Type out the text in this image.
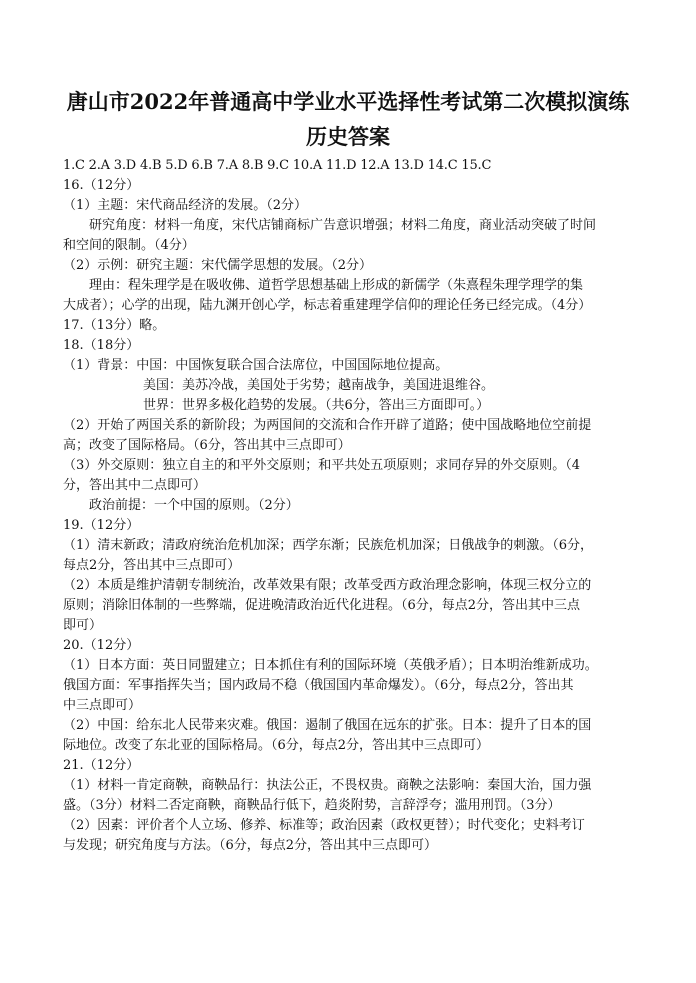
唐山市2022年普通高中学业水平选择性考试第二次模拟演练
历史答案
1.C 2.A 3.D 4.B 5.D 6.B 7.A 8.B 9.C 10.A 11.D 12.A 13.D 14.C 15.C
16.（12分）
（1）主题：宋代商品经济的发展。（2分）
研究角度：材料一角度，宋代店铺商标广告意识增强；材料二角度，商业活动突破了时间
和空间的限制。（4分）
（2）示例：研究主题：宋代儒学思想的发展。（2分）
理由：程朱理学是在吸收佛、道哲学思想基础上形成的新儒学（朱熹程朱理学理学的集
大成者）；心学的出现，陆九渊开创心学，标志着重建理学信仰的理论任务已经完成。（4分）
17.（13分）略。
18.（18分）
（1）背景：中国：中国恢复联合国合法席位，中国国际地位提高。
美国：美苏冷战，美国处于劣势；越南战争，美国进退维谷。
世界：世界多极化趋势的发展。（共6分，答出三方面即可。）
（2）开始了两国关系的新阶段；为两国间的交流和合作开辟了道路；使中国战略地位空前提
高；改变了国际格局。（6分，答出其中三点即可）
（3）外交原则：独立自主的和平外交原则；和平共处五项原则；求同存异的外交原则。（4
分，答出其中二点即可）
政治前提：一个中国的原则。（2分）
19.（12分）
（1）清末新政；清政府统治危机加深；西学东渐；民族危机加深；日俄战争的刺激。（6分，
每点2分，答出其中三点即可）
（2）本质是维护清朝专制统治，改革效果有限；改革受西方政治理念影响，体现三权分立的
原则；消除旧体制的一些弊端，促进晚清政治近代化进程。（6分，每点2分，答出其中三点
即可）
20.（12分）
（1）日本方面：英日同盟建立；日本抓住有利的国际环境（英俄矛盾）；日本明治维新成功。
俄国方面：军事指挥失当；国内政局不稳（俄国国内革命爆发）。（6分，每点2分，答出其
中三点即可）
（2）中国：给东北人民带来灾难。俄国：遏制了俄国在远东的扩张。日本：提升了日本的国
际地位。改变了东北亚的国际格局。（6分，每点2分，答出其中三点即可）
21.（12分）
（1）材料一肯定商鞅，商鞅品行：执法公正，不畏权贵。商鞅之法影响：秦国大治，国力强
盛。（3分）材料二否定商鞅，商鞅品行低下，趋炎附势，言辞浮夸；滥用刑罚。（3分）
（2）因素：评价者个人立场、修养、标准等；政治因素（政权更替）；时代变化；史料考订
与发现；研究角度与方法。（6分，每点2分，答出其中三点即可）
